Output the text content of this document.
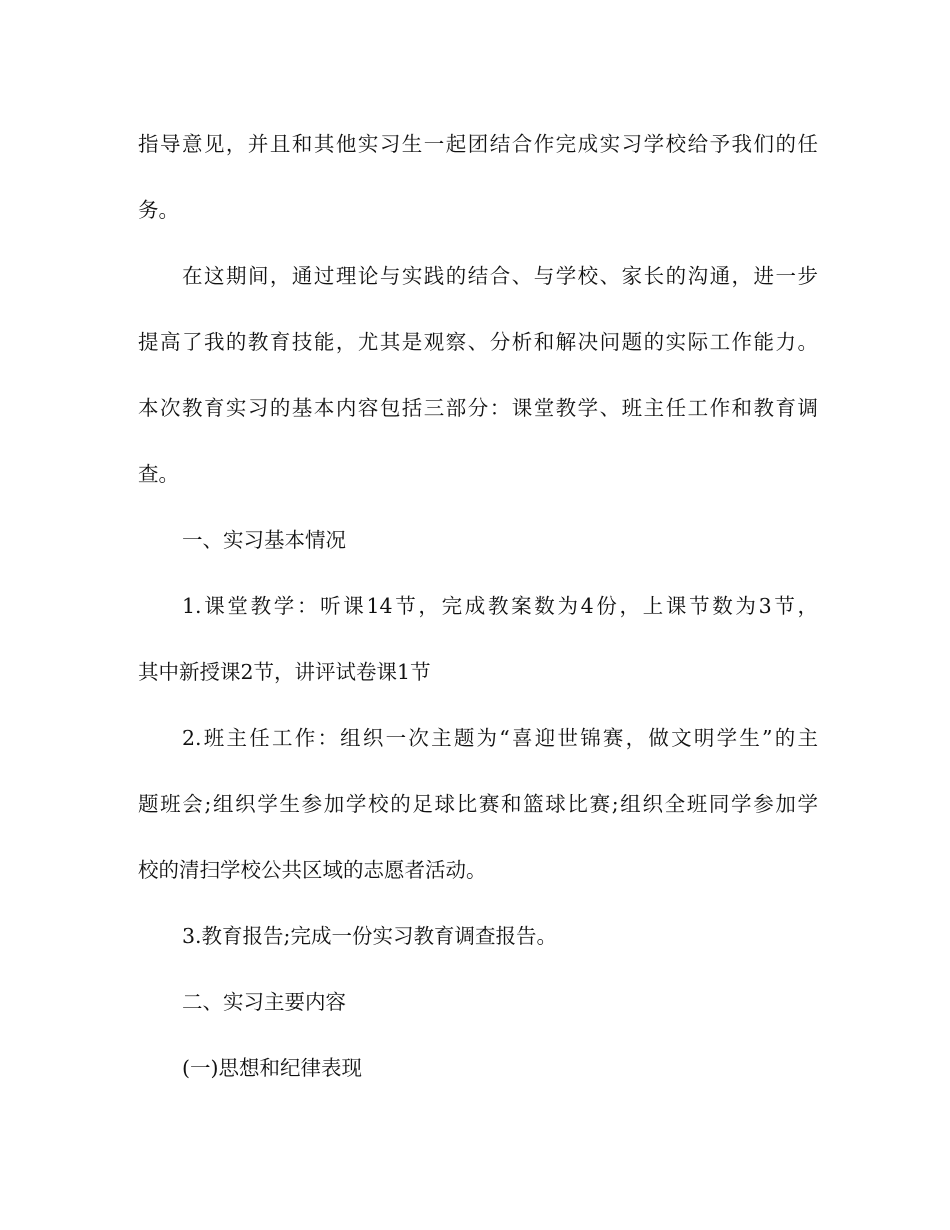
指导意见，并且和其他实习生一起团结合作完成实习学校给予我们的任
务。
在这期间，通过理论与实践的结合、与学校、家长的沟通，进一步
提高了我的教育技能，尤其是观察、分析和解决问题的实际工作能力。
本次教育实习的基本内容包括三部分：课堂教学、班主任工作和教育调
查。
一、实习基本情况
1.课堂教学：听课14节，完成教案数为4份，上课节数为3节，
其中新授课2节，讲评试卷课1节
2.班主任工作：组织一次主题为“喜迎世锦赛，做文明学生”的主
题班会;组织学生参加学校的足球比赛和篮球比赛;组织全班同学参加学
校的清扫学校公共区域的志愿者活动。
3.教育报告;完成一份实习教育调查报告。
二、实习主要内容
(一)思想和纪律表现
